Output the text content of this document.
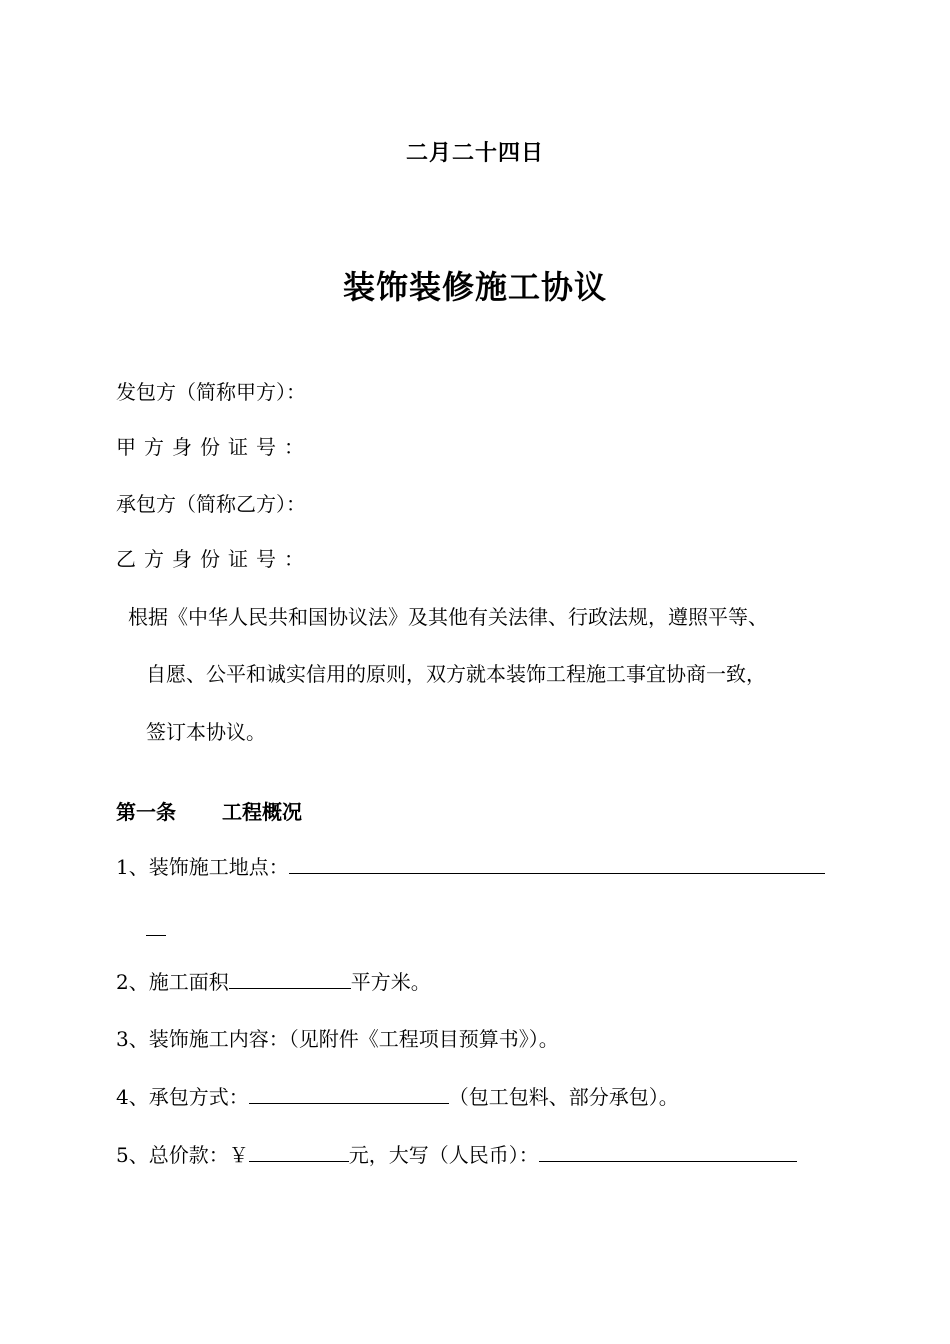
二月二十四日
装饰装修施工协议
发包方（简称甲方）：
甲方身份证号：
承包方（简称乙方）：
乙方身份证号：
根据《中华人民共和国协议法》及其他有关法律、行政法规，遵照平等、
自愿、公平和诚实信用的原则，双方就本装饰工程施工事宜协商一致，
签订本协议。
第一条 工程概况
1、装饰施工地点：
2、施工面积	平方米。
3、装饰施工内容：（见附件《工程项目预算书》）。
4、承包方式：	（包工包料、部分承包）。
5、总价款：￥	元，大写（人民币）：
